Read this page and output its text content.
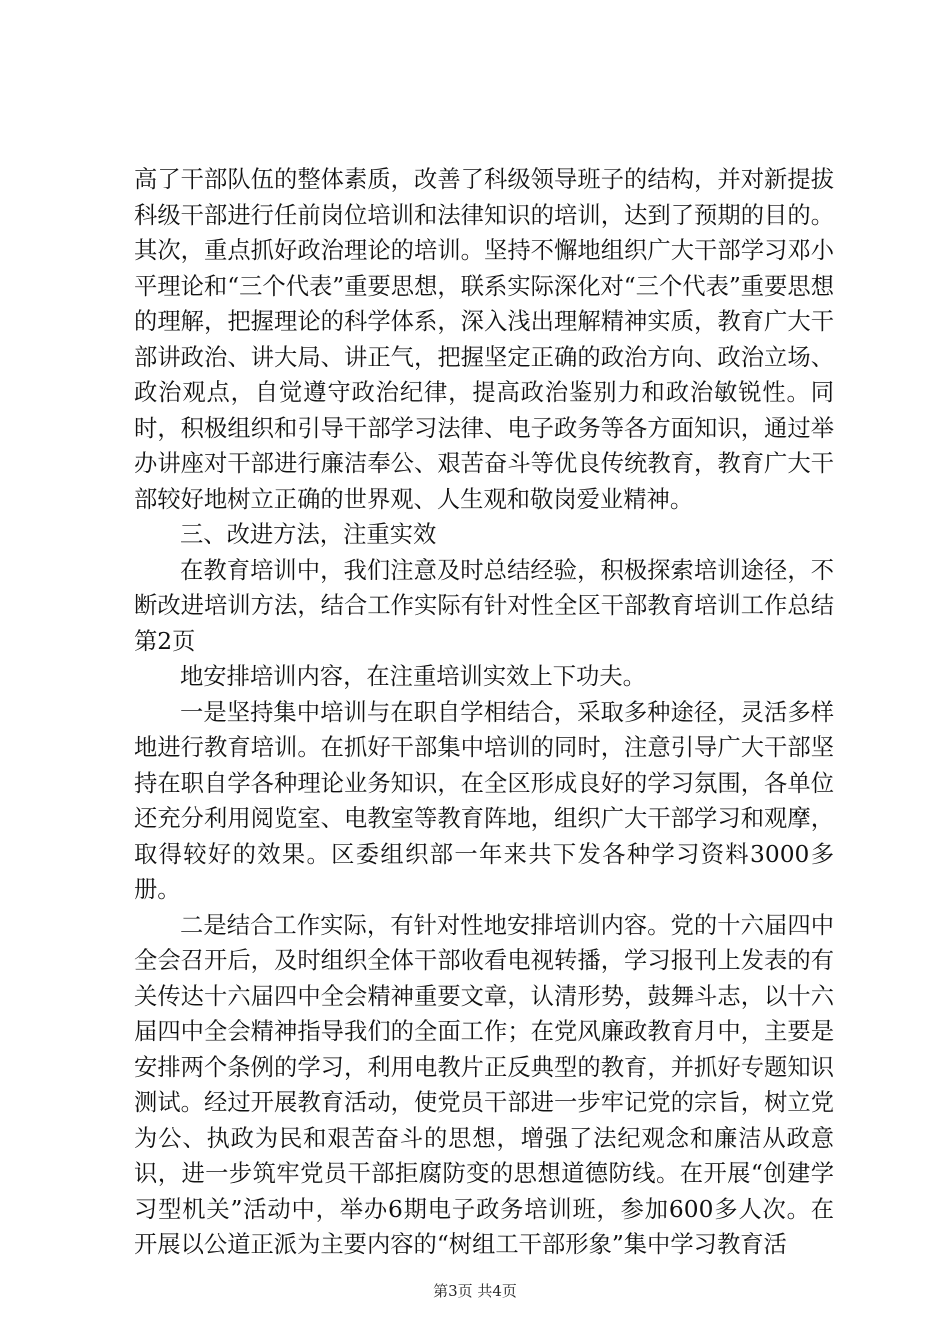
高了干部队伍的整体素质，改善了科级领导班子的结构，并对新提拔科级干部进行任前岗位培训和法律知识的培训，达到了预期的目的。其次，重点抓好政治理论的培训。坚持不懈地组织广大干部学习邓小平理论和“三个代表”重要思想，联系实际深化对“三个代表”重要思想的理解，把握理论的科学体系，深入浅出理解精神实质，教育广大干部讲政治、讲大局、讲正气，把握坚定正确的政治方向、政治立场、政治观点，自觉遵守政治纪律，提高政治鉴别力和政治敏锐性。同时，积极组织和引导干部学习法律、电子政务等各方面知识，通过举办讲座对干部进行廉洁奉公、艰苦奋斗等优良传统教育，教育广大干部较好地树立正确的世界观、人生观和敬岗爱业精神。

三、改进方法，注重实效

在教育培训中，我们注意及时总结经验，积极探索培训途径，不断改进培训方法，结合工作实际有针对性全区干部教育培训工作总结第2页

地安排培训内容，在注重培训实效上下功夫。

一是坚持集中培训与在职自学相结合，采取多种途径，灵活多样地进行教育培训。在抓好干部集中培训的同时，注意引导广大干部坚持在职自学各种理论业务知识，在全区形成良好的学习氛围，各单位还充分利用阅览室、电教室等教育阵地，组织广大干部学习和观摩，取得较好的效果。区委组织部一年来共下发各种学习资料3000多册。

二是结合工作实际，有针对性地安排培训内容。党的十六届四中全会召开后，及时组织全体干部收看电视转播，学习报刊上发表的有关传达十六届四中全会精神重要文章，认清形势，鼓舞斗志，以十六届四中全会精神指导我们的全面工作；在党风廉政教育月中，主要是安排两个条例的学习，利用电教片正反典型的教育，并抓好专题知识测试。经过开展教育活动，使党员干部进一步牢记党的宗旨，树立党为公、执政为民和艰苦奋斗的思想，增强了法纪观念和廉洁从政意识，进一步筑牢党员干部拒腐防变的思想道德防线。在开展“创建学习型机关”活动中，举办6期电子政务培训班，参加600多人次。在开展以公道正派为主要内容的“树组工干部形象”集中学习教育活

第3页 共4页
